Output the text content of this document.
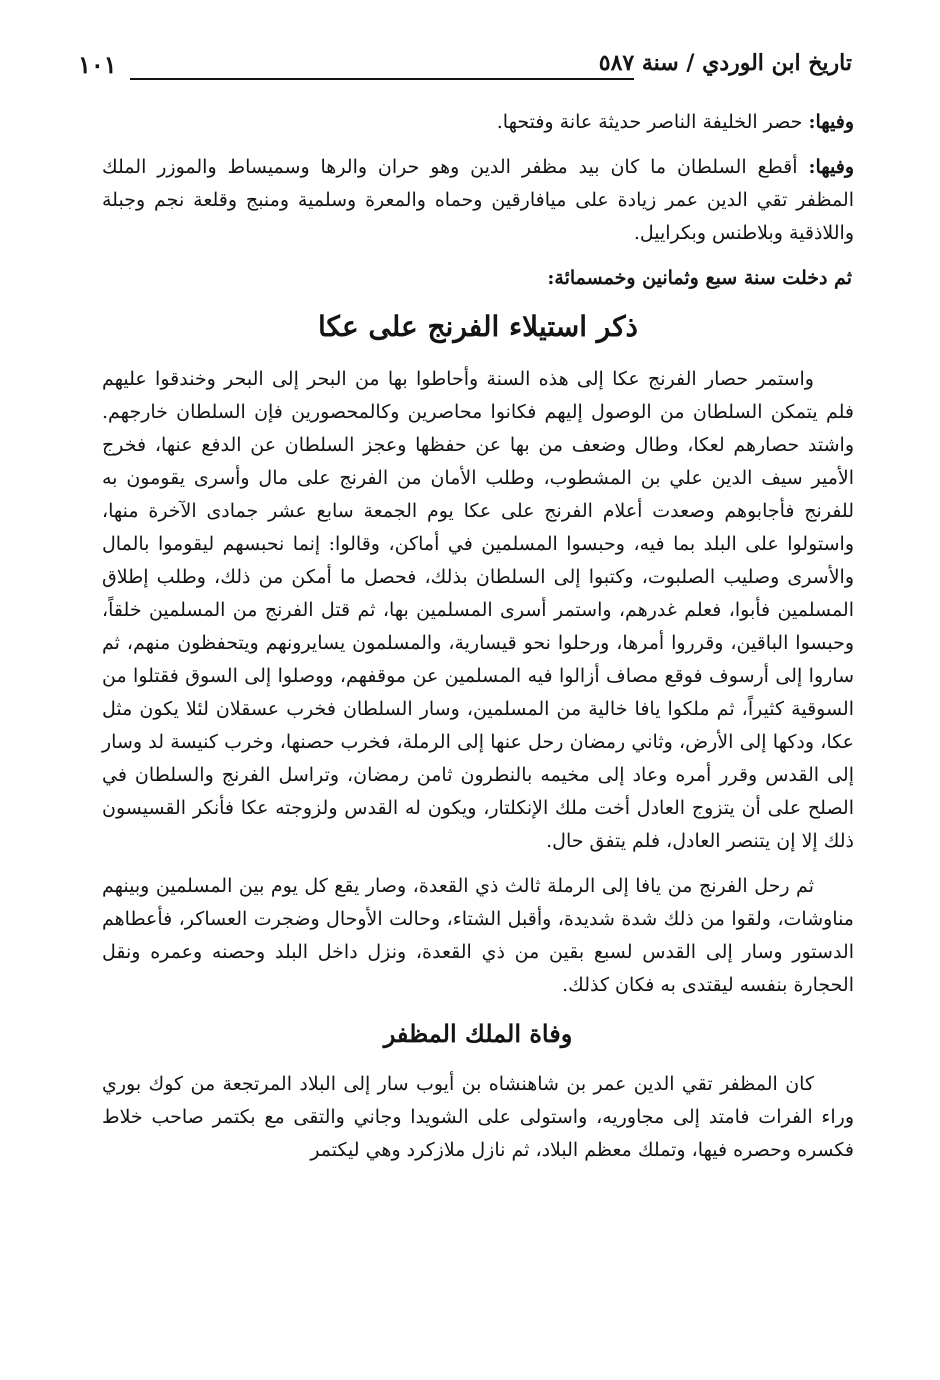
تاريخ ابن الوردي / سنة ٥٨٧
١٠١

وفيها: حصر الخليفة الناصر حديثة عانة وفتحها.

وفيها: أقطع السلطان ما كان بيد مظفر الدين وهو حران والرها وسميساط والموزر الملك المظفر تقي الدين عمر زيادة على ميافارقين وحماه والمعرة وسلمية ومنبج وقلعة نجم وجبلة واللاذقية وبلاطنس وبكراييل.

ثم دخلت سنة سبع وثمانين وخمسمائة:

ذكر استيلاء الفرنج على عكا

واستمر حصار الفرنج عكا إلى هذه السنة وأحاطوا بها من البحر إلى البحر وخندقوا عليهم فلم يتمكن السلطان من الوصول إليهم فكانوا محاصرين وكالمحصورين فإن السلطان خارجهم. واشتد حصارهم لعكا، وطال وضعف من بها عن حفظها وعجز السلطان عن الدفع عنها، فخرج الأمير سيف الدين علي بن المشطوب، وطلب الأمان من الفرنج على مال وأسرى يقومون به للفرنج فأجابوهم وصعدت أعلام الفرنج على عكا يوم الجمعة سابع عشر جمادى الآخرة منها، واستولوا على البلد بما فيه، وحبسوا المسلمين في أماكن، وقالوا: إنما نحبسهم ليقوموا بالمال والأسرى وصليب الصلبوت، وكتبوا إلى السلطان بذلك، فحصل ما أمكن من ذلك، وطلب إطلاق المسلمين فأبوا، فعلم غدرهم، واستمر أسرى المسلمين بها، ثم قتل الفرنج من المسلمين خلقاً، وحبسوا الباقين، وقرروا أمرها، ورحلوا نحو قيسارية، والمسلمون يسايرونهم ويتحفظون منهم، ثم ساروا إلى أرسوف فوقع مصاف أزالوا فيه المسلمين عن موقفهم، ووصلوا إلى السوق فقتلوا من السوقية كثيراً، ثم ملكوا يافا خالية من المسلمين، وسار السلطان فخرب عسقلان لئلا يكون مثل عكا، ودكها إلى الأرض، وثاني رمضان رحل عنها إلى الرملة، فخرب حصنها، وخرب كنيسة لد وسار إلى القدس وقرر أمره وعاد إلى مخيمه بالنطرون ثامن رمضان، وتراسل الفرنج والسلطان في الصلح على أن يتزوج العادل أخت ملك الإنكلتار، ويكون له القدس ولزوجته عكا فأنكر القسيسون ذلك إلا إن يتنصر العادل، فلم يتفق حال.

ثم رحل الفرنج من يافا إلى الرملة ثالث ذي القعدة، وصار يقع كل يوم بين المسلمين وبينهم مناوشات، ولقوا من ذلك شدة شديدة، وأقبل الشتاء، وحالت الأوحال وضجرت العساكر، فأعطاهم الدستور وسار إلى القدس لسبع بقين من ذي القعدة، ونزل داخل البلد وحصنه وعمره ونقل الحجارة بنفسه ليقتدى به فكان كذلك.

وفاة الملك المظفر

كان المظفر تقي الدين عمر بن شاهنشاه بن أيوب سار إلى البلاد المرتجعة من كوك بوري وراء الفرات فامتد إلى مجاوريه، واستولى على الشويدا وجاني والتقى مع بكتمر صاحب خلاط فكسره وحصره فيها، وتملك معظم البلاد، ثم نازل ملازكرد وهي ليكتمر
